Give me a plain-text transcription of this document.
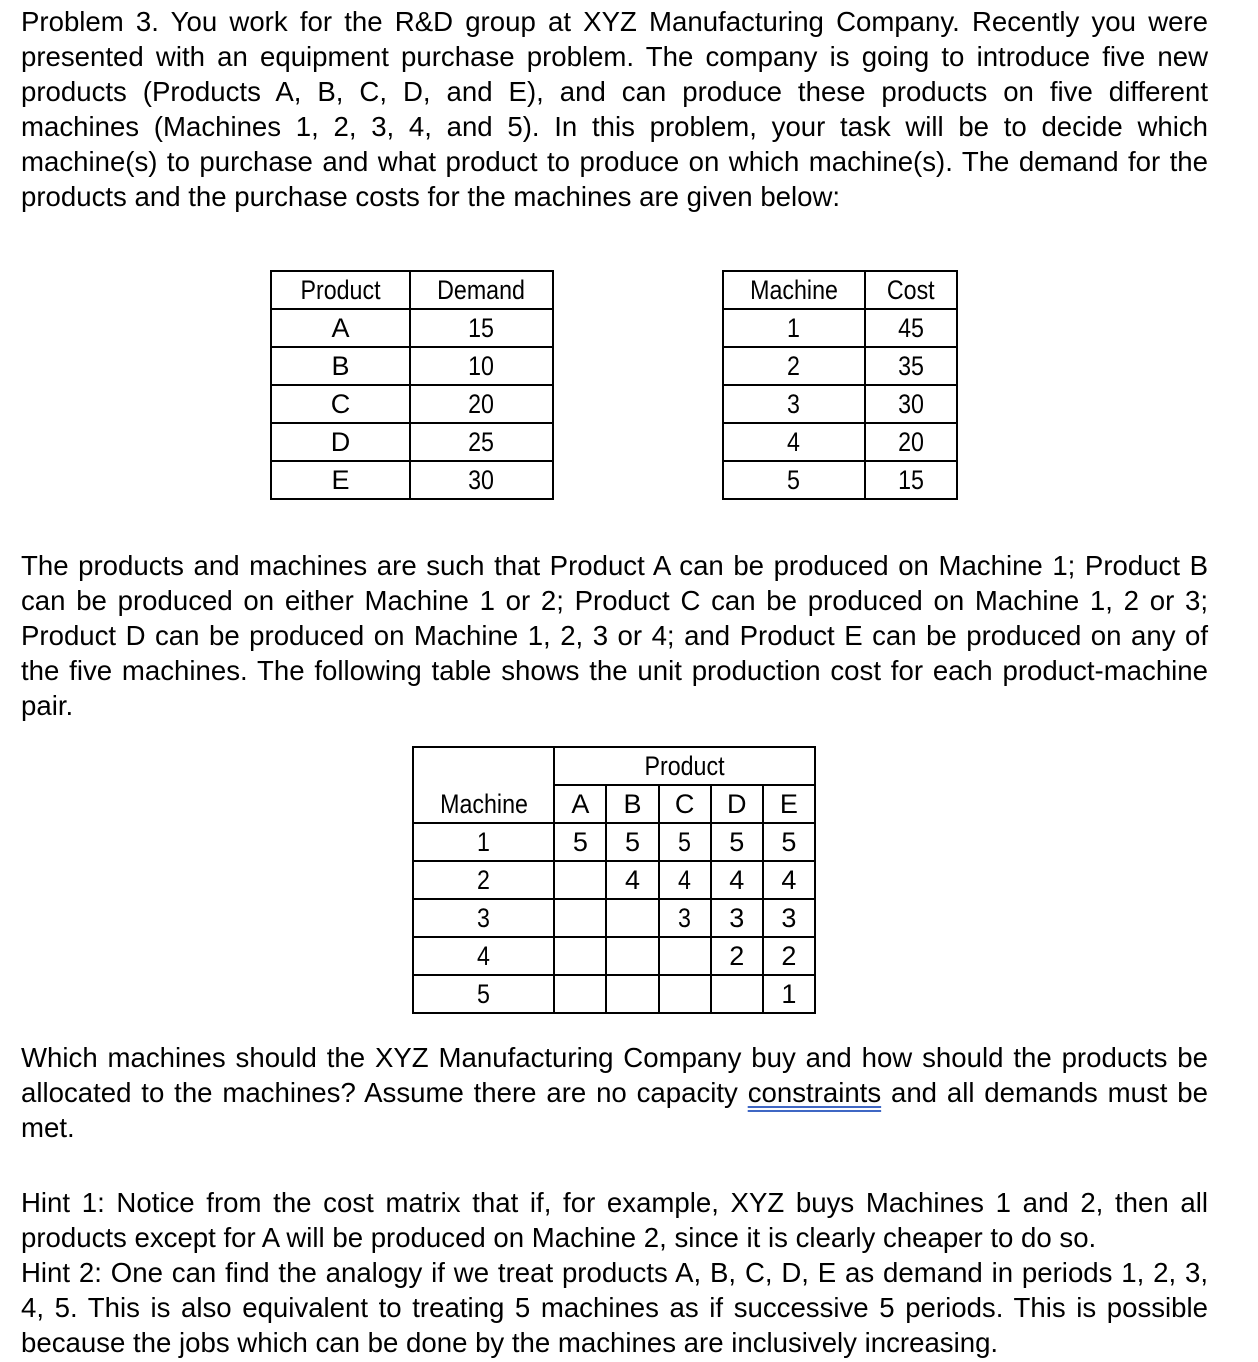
Problem 3. You work for the R&D group at XYZ Manufacturing Company. Recently you were presented with an equipment purchase problem. The company is going to introduce five new products (Products A, B, C, D, and E), and can produce these products on five different machines (Machines 1, 2, 3, 4, and 5). In this problem, your task will be to decide which machine(s) to purchase and what product to produce on which machine(s). The demand for the products and the purchase costs for the machines are given below:

Product	Demand
A	15
B	10
C	20
D	25
E	30
Machine	Cost
1	45
2	35
3	30
4	20
5	15

The products and machines are such that Product A can be produced on Machine 1; Product B can be produced on either Machine 1 or 2; Product C can be produced on Machine 1, 2 or 3; Product D can be produced on Machine 1, 2, 3 or 4; and Product E can be produced on any of the five machines. The following table shows the unit production cost for each product-machine pair.

	Product				
Machine	A	B	C	D	E
1	5	5	5	5	5
2		4	4	4	4
3			3	3	3
4				2	2
5					1

Which machines should the XYZ Manufacturing Company buy and how should the products be allocated to the machines? Assume there are no capacity constraints and all demands must be met.

Hint 1: Notice from the cost matrix that if, for example, XYZ buys Machines 1 and 2, then all products except for A will be produced on Machine 2, since it is clearly cheaper to do so.
Hint 2: One can find the analogy if we treat products A, B, C, D, E as demand in periods 1, 2, 3, 4, 5. This is also equivalent to treating 5 machines as if successive 5 periods. This is possible because the jobs which can be done by the machines are inclusively increasing.
